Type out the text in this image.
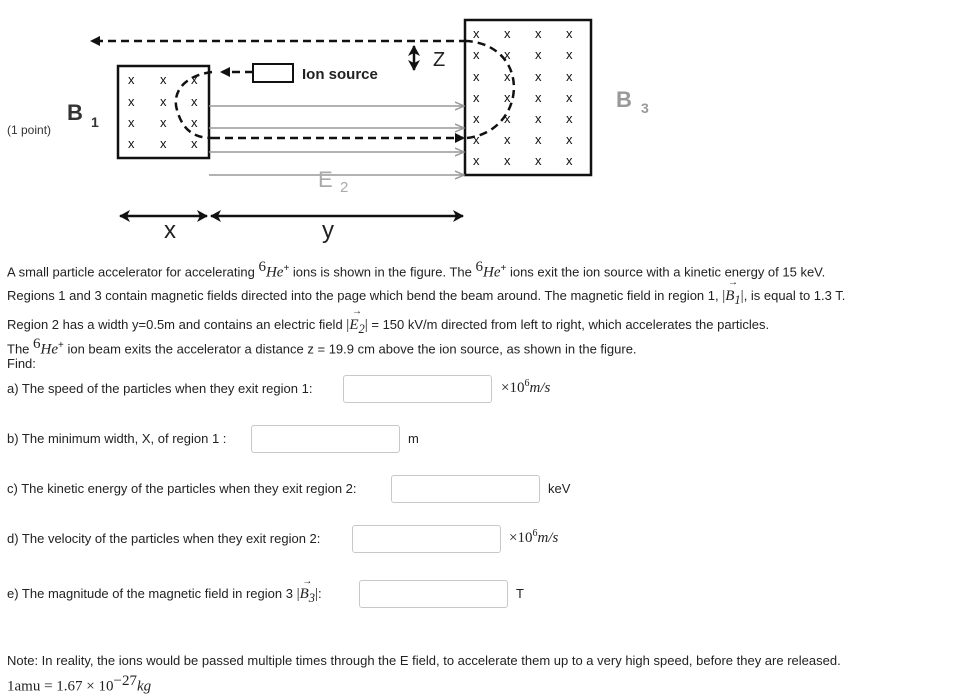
(1 point)
x x x
x x x
x x x
x x x
x x x x
x x x x
x x x x
x x x x
x x x x
x x x x
x x x x
Ion source
Z
B 1
B 3
E 2
x	y
A small particle accelerator for accelerating $^6$He+ ions is shown in the figure. The $^6$He+ ions exit the ion source with a kinetic energy of 15 keV.
Regions 1 and 3 contain magnetic fields directed into the page which bend the beam around. The magnetic field in region 1, |
→
$B_1|$, is equal to 1.3 T.
Region 2 has a width y=0.5m and contains an electric field |
→
$E_2| = 150$ kV/m directed from left to right, which accelerates the particles.
The $^6$He+ ion beam exits the accelerator a distance z = 19.9 cm above the ion source, as shown in the figure.
Find:
a) The speed of the particles when they exit region 1:	$\times 10^6m/s$
b) The minimum width, X, of region 1 :	m
c) The kinetic energy of the particles when they exit region 2:	keV
d) The velocity of the particles when they exit region 2:	$\times 10^6m/s$
e) The magnitude of the magnetic field in region 3 |
→
$B_3|$:	T
Note: In reality, the ions would be passed multiple times through the E field, to accelerate them up to a very high speed, before they are released.
$1amu = 1.67 \times 10^{-27}kg$
